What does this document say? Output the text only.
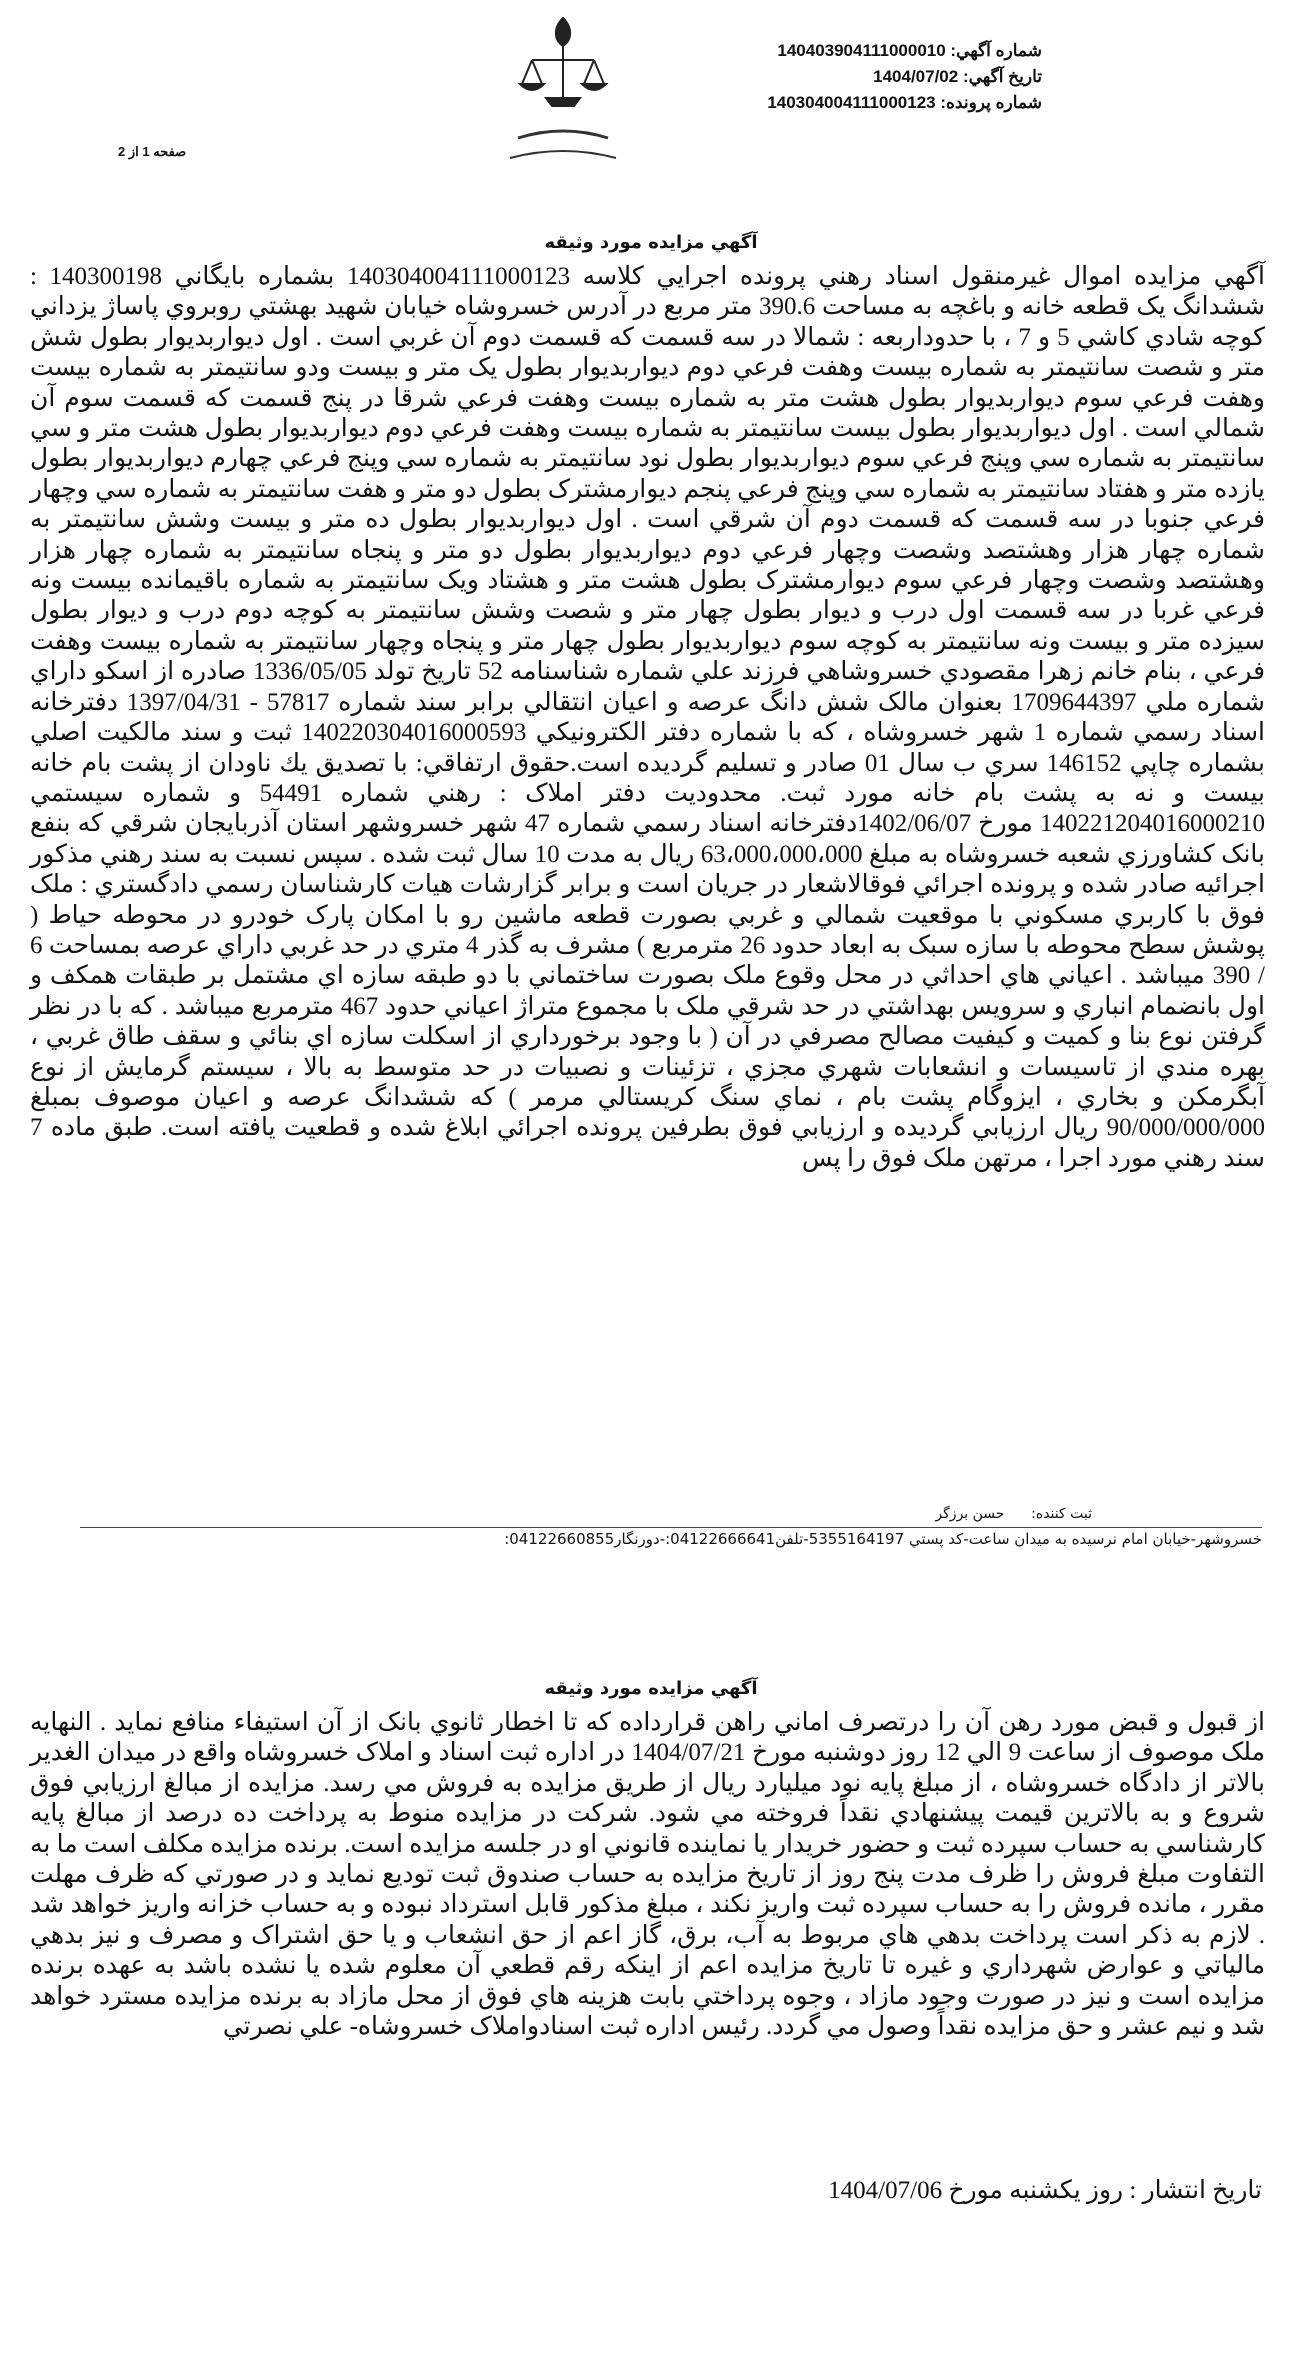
شماره آگهي: 14040390411100001​0
تاريخ آگهي: 1404/07/02
شماره پرونده: 140304004111000123
صفحه 1 از 2
آگهي مزايده مورد وثيقه
آگهي مزايده اموال غيرمنقول اسناد رهني پرونده اجرايي كلاسه 140304004111000123 بشماره بايگاني 140300198 : ششدانگ يک قطعه خانه و باغچه به مساحت 390.6 متر مربع در آدرس خسروشاه خيابان شهيد بهشتي روبروي پاساژ يزداني كوچه شادي كاشي 5 و 7 ، با حدوداربعه : شمالا در سه قسمت كه قسمت دوم آن غربي است . اول ديواربديوار بطول شش متر و شصت سانتيمتر به شماره بيست وهفت فرعي دوم ديواربديوار بطول يک متر و بيست ودو سانتيمتر به شماره بيست وهفت فرعي سوم ديواربديوار بطول هشت متر به شماره بيست وهفت فرعي شرقا در پنج قسمت كه قسمت سوم آن شمالي است . اول ديواربديوار بطول بيست سانتيمتر به شماره بيست وهفت فرعي دوم ديواربديوار بطول هشت متر و سي سانتيمتر به شماره سي وپنج فرعي سوم ديواربديوار بطول نود سانتيمتر به شماره سي وپنج فرعي چهارم ديواربديوار بطول يازده متر و هفتاد سانتيمتر به شماره سي وپنج فرعي پنجم ديوارمشترک بطول دو متر و هفت سانتيمتر به شماره سي وچهار فرعي جنوبا در سه قسمت كه قسمت دوم آن شرقي است . اول ديواربديوار بطول ده متر و بيست وشش سانتيمتر به شماره چهار هزار وهشتصد وشصت وچهار فرعي دوم ديواربديوار بطول دو متر و پنجاه سانتيمتر به شماره چهار هزار وهشتصد وشصت وچهار فرعي سوم ديوارمشترک بطول هشت متر و هشتاد ويک سانتيمتر به شماره باقيمانده بيست ونه فرعي غربا در سه قسمت اول درب و ديوار بطول چهار متر و شصت وشش سانتيمتر به كوچه دوم درب و ديوار بطول سيزده متر و بيست ونه سانتيمتر به كوچه سوم ديواربديوار بطول چهار متر و پنجاه وچهار سانتيمتر به شماره بيست وهفت فرعي ، بنام خانم زهرا مقصودي خسروشاهي فرزند علي شماره شناسنامه 52 تاريخ تولد 1336/05/05 صادره از اسكو داراي شماره ملي 1709644397 بعنوان مالک شش دانگ عرصه و اعيان انتقالي برابر سند شماره 57817 - 1397/04/31 دفترخانه اسناد رسمي شماره 1 شهر خسروشاه ، كه با شماره دفتر الكترونيكي 140220304016000593 ثبت و سند مالكيت اصلي بشماره چاپي 146152 سري ب سال 01 صادر و تسليم گرديده است.حقوق ارتفاقي: با تصديق يك ناودان از پشت بام خانه بيست و نه به پشت بام خانه مورد ثبت. محدوديت دفتر املاک : رهني شماره 54491 و شماره سيستمي 140221204016000210 مورخ 1402/06/07دفترخانه اسناد رسمي شماره 47 شهر خسروشهر استان آذربايجان شرقي كه بنفع بانک كشاورزي شعبه خسروشاه به مبلغ 63،000،000،000 ريال به مدت 10 سال ثبت شده . سپس نسبت به سند رهني مذكور اجرائيه صادر شده و پرونده اجرائي فوقالاشعار در جريان است و برابر گزارشات هيات كارشناسان رسمي دادگستري : ملک فوق با كاربري مسكوني با موقعيت شمالي و غربي بصورت قطعه ماشين رو با امكان پارک خودرو در محوطه حياط ( پوشش سطح محوطه با سازه سبک به ابعاد حدود 26 مترمربع ) مشرف به گذر 4 متري در حد غربي داراي عرصه بمساحت 6 / 390 ميباشد . اعياني هاي احداثي در محل وقوع ملک بصورت ساختماني با دو طبقه سازه اي مشتمل بر طبقات همكف و اول بانضمام انباري و سرويس بهداشتي در حد شرقي ملک با مجموع متراژ اعياني حدود 467 مترمربع ميباشد . كه با در نظر گرفتن نوع بنا و كميت و كيفيت مصالح مصرفي در آن ( با وجود برخورداري از اسكلت سازه اي بنائي و سقف طاق غربي ، بهره مندي از تاسيسات و انشعابات شهري مجزي ، تزئينات و نصبيات در حد متوسط به بالا ، سيستم گرمايش از نوع آبگرمكن و بخاري ، ايزوگام پشت بام ، نماي سنگ كريستالي مرمر ) كه ششدانگ عرصه و اعيان موصوف بمبلغ 90/000/000/000 ريال ارزيابي گرديده و ارزيابي فوق بطرفين پرونده اجرائي ابلاغ شده و قطعيت يافته است. طبق ماده 7 سند رهني مورد اجرا ، مرتهن ملک فوق را پس
ثبت كننده:      حسن برزگر
خسروشهر-خيابان امام نرسيده به ميدان ساعت-كد پستي 5355164197-تلفن04122666641:-دورنگار04122660855:
آگهي مزايده مورد وثيقه
از قبول و قبض مورد رهن آن را درتصرف اماني راهن قرارداده كه تا اخطار ثانوي بانک از آن استيفاء منافع نمايد . النهايه ملک موصوف از ساعت 9 الي 12 روز دوشنبه مورخ 1404/07/21 در اداره ثبت اسناد و املاک خسروشاه واقع در ميدان الغدير بالاتر از دادگاه خسروشاه ، از مبلغ پايه نود ميليارد ريال از طريق مزايده به فروش مي رسد. مزايده از مبالغ ارزيابي فوق شروع و به بالاترين قيمت پيشنهادي نقداً فروخته مي شود. شركت در مزايده منوط به پرداخت ده درصد از مبالغ پايه كارشناسي به حساب سپرده ثبت و حضور خريدار يا نماينده قانوني او در جلسه مزايده است. برنده مزايده مكلف است ما به التفاوت مبلغ فروش را ظرف مدت پنج روز از تاريخ مزايده به حساب صندوق ثبت توديع نمايد و در صورتي كه ظرف مهلت مقرر ، مانده فروش را به حساب سپرده ثبت واريز نكند ، مبلغ مذكور قابل استرداد نبوده و به حساب خزانه واريز خواهد شد . لازم به ذكر است پرداخت بدهي هاي مربوط به آب، برق، گاز اعم از حق انشعاب و يا حق اشتراک و مصرف و نيز بدهي مالياتي و عوارض شهرداري و غيره تا تاريخ مزايده اعم از اينكه رقم قطعي آن معلوم شده يا نشده باشد به عهده برنده مزايده است و نيز در صورت وجود مازاد ، وجوه پرداختي بابت هزينه هاي فوق از محل مازاد به برنده مزايده مسترد خواهد شد و نيم عشر و حق مزايده نقداً وصول مي گردد. رئيس اداره ثبت اسنادواملاک خسروشاه- علي نصرتي
تاريخ انتشار : روز يكشنبه مورخ 1404/07/06
